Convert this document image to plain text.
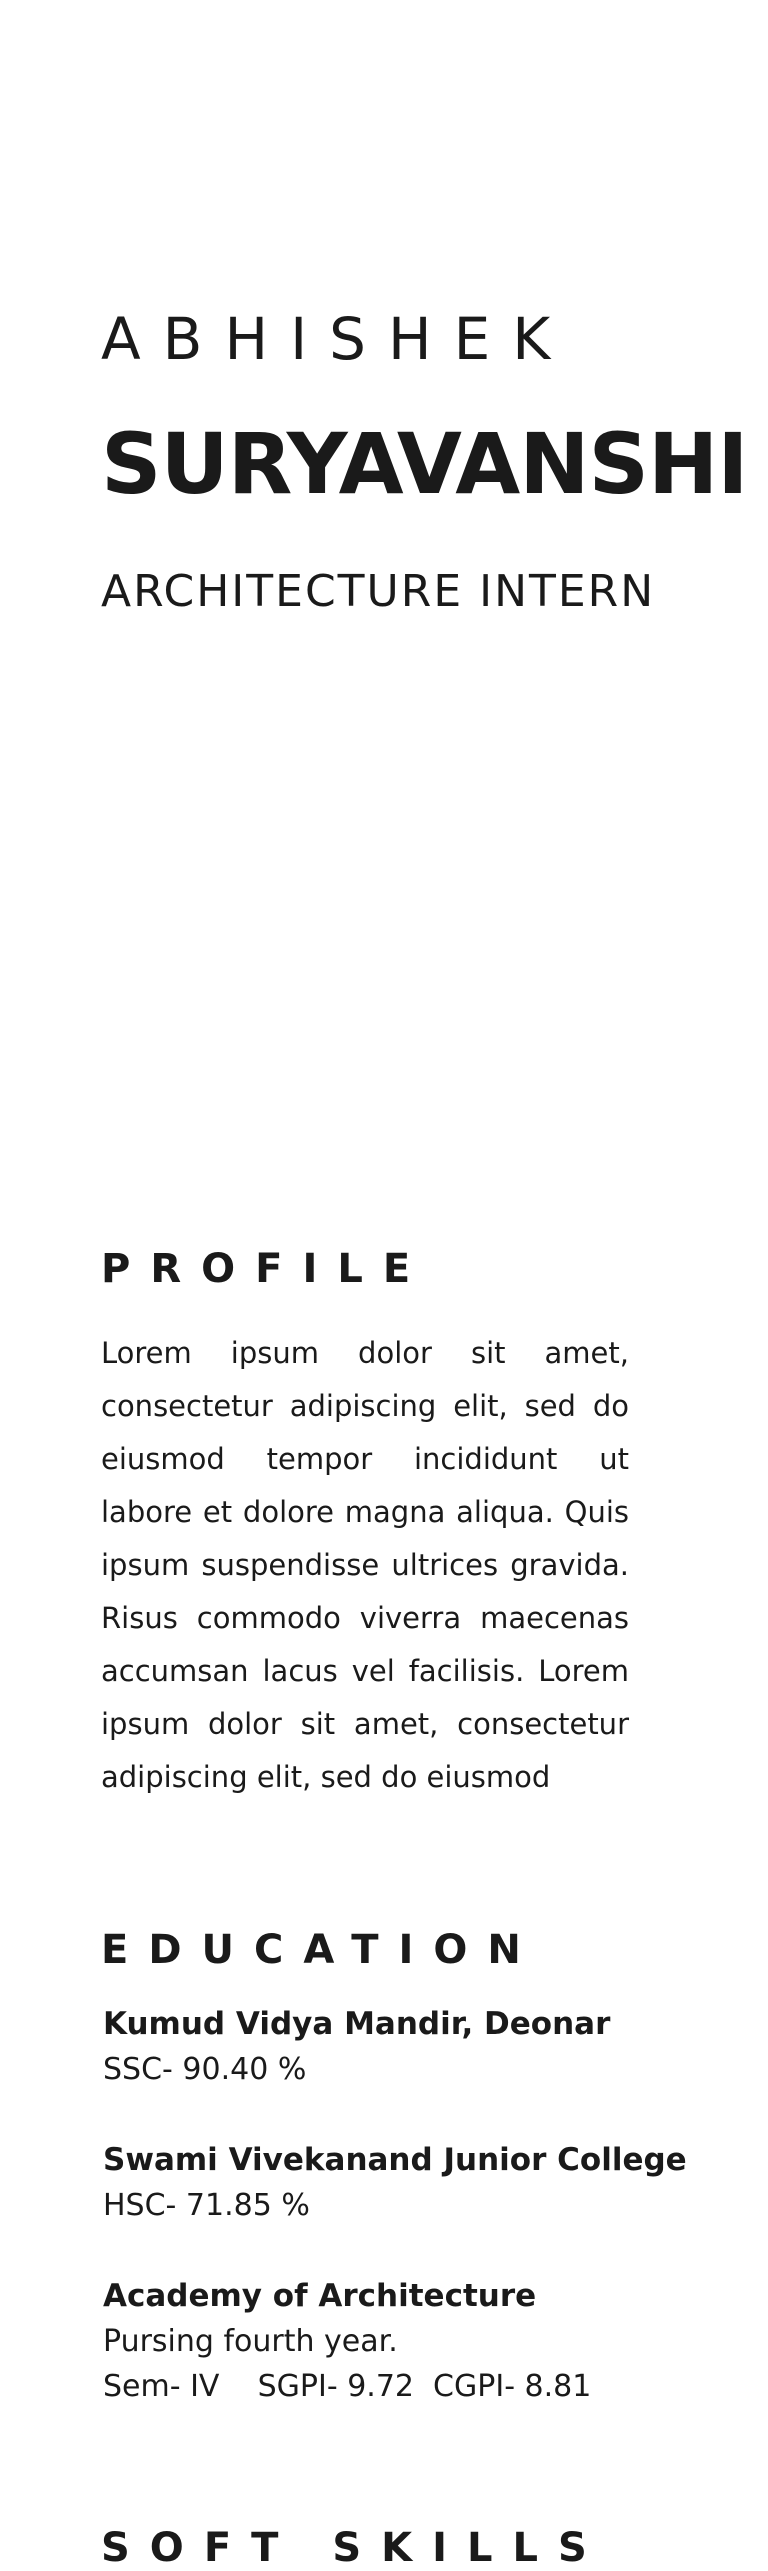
ABHISHEK
SURYAVANSHI
ARCHITECTURE INTERN
PROFILE
Lorem ipsum dolor sit amet, consectetur adipiscing elit, sed do eiusmod tempor incididunt ut labore et dolore magna aliqua. Quis ipsum suspendisse ultrices gravida. Risus commodo viverra maecenas accumsan lacus vel facilisis. Lorem ipsum dolor sit amet, consectetur adipiscing elit, sed do eiusmod
EDUCATION
Kumud Vidya Mandir, Deonar
SSC- 90.40 %
Swami Vivekanand Junior College
HSC- 71.85 %
Academy of Architecture
Pursing fourth year.
Sem- IV    SGPI- 9.72  CGPI- 8.81
SOFT SKILLS
